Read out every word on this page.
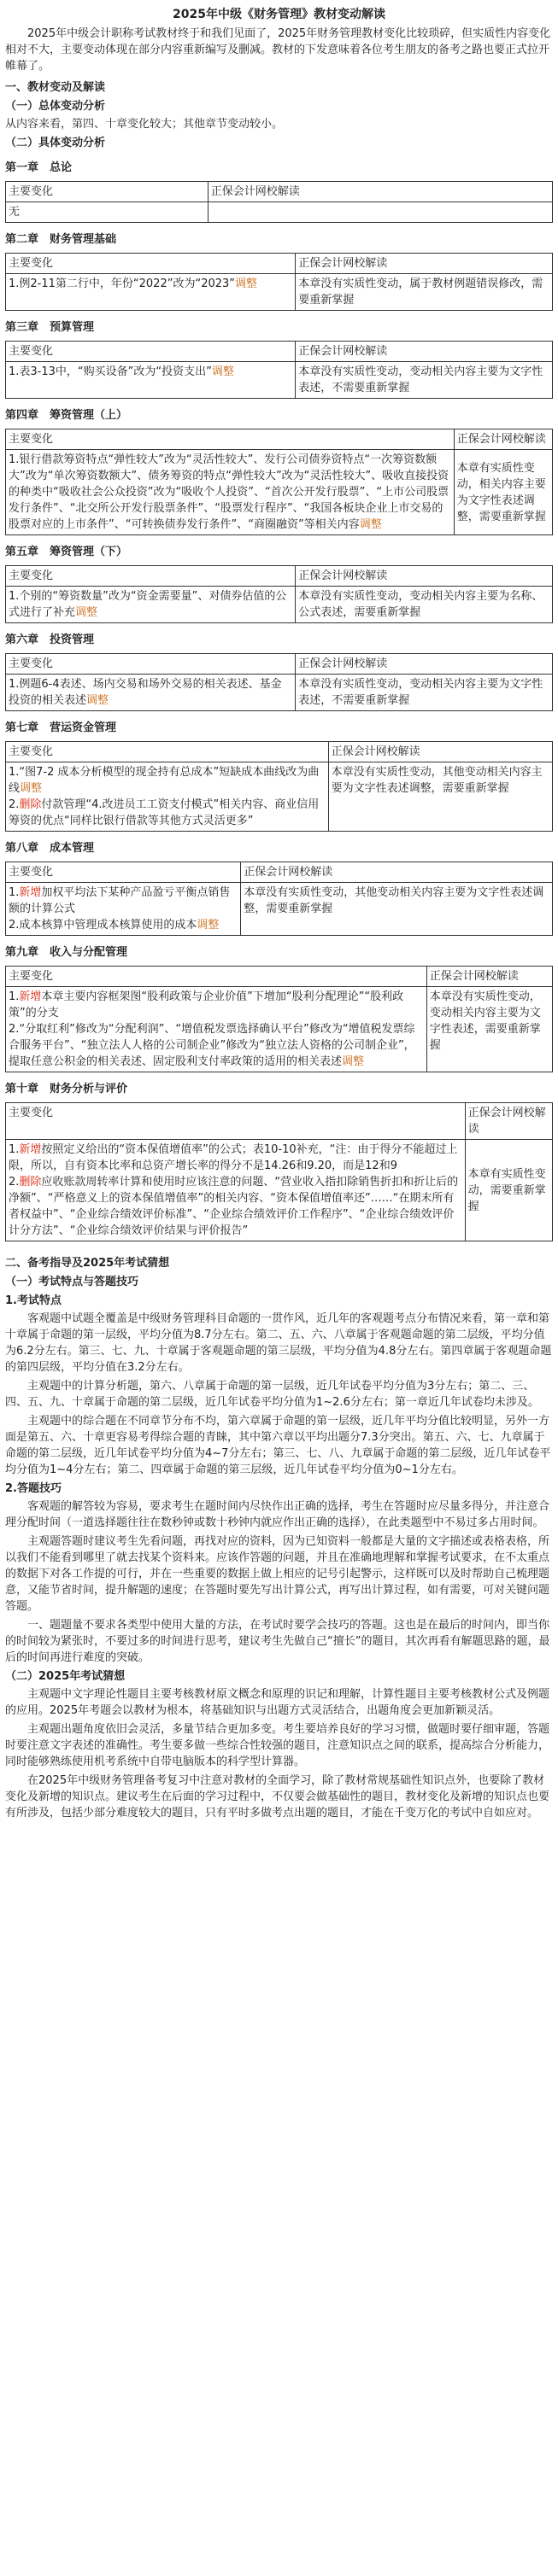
2025年中级《财务管理》教材变动解读

2025年中级会计职称考试教材终于和我们见面了，2025年财务管理教材变化比较琐碎，但实质性内容变化相对不大，主要变动体现在部分内容重新编写及删减。教材的下发意味着各位考生朋友的备考之路也要正式拉开帷幕了。

一、教材变动及解读
（一）总体变动分析

从内容来看，第四、十章变化较大；其他章节变动较小。

（二）具体变动分析
第一章　总论
主要变化	正保会计网校解读
无	
第二章　财务管理基础
主要变化	正保会计网校解读
1.例2-11第二行中，年份“2022”改为“2023”调整	本章没有实质性变动，属于教材例题错误修改，需要重新掌握
第三章　预算管理
主要变化	正保会计网校解读
1.表3-13中，“购买设备”改为“投资支出”调整	本章没有实质性变动，变动相关内容主要为文字性表述，不需要重新掌握
第四章　筹资管理（上）
主要变化	正保会计网校解读
1.银行借款筹资特点“弹性较大”改为“灵活性较大”、发行公司债券资特点“一次筹资数额大”改为“单次筹资数额大”、债务筹资的特点“弹性较大”改为“灵活性较大”、吸收直接投资的种类中“吸收社会公众投资”改为“吸收个人投资”、“首次公开发行股票”、“上市公司股票发行条件”、“北交所公开发行股票条件”、“股票发行程序”、“我国各板块企业上市交易的股票对应的上市条件”、“可转换债券发行条件”、“商圈融资”等相关内容调整	本章有实质性变动，相关内容主要为文字性表述调整，需要重新掌握
第五章　筹资管理（下）
主要变化	正保会计网校解读
1.个别的“筹资数量”改为“资金需要量”、对债券估值的公式进行了补充调整	本章没有实质性变动，变动相关内容主要为名称、公式表述，需要重新掌握
第六章　投资管理
主要变化	正保会计网校解读
1.例题6-4表述、场内交易和场外交易的相关表述、基金投资的相关表述调整	本章没有实质性变动，变动相关内容主要为文字性表述，不需要重新掌握
第七章　营运资金管理
主要变化	正保会计网校解读

1.“图7-2 成本分析模型的现金持有总成本”短缺成本曲线改为曲线调整
2.删除付款管理“4.改进员工工资支付模式”相关内容、商业信用筹资的优点“同样比银行借款等其他方式灵活更多”	本章没有实质性变动，其他变动相关内容主要为文字性表述调整，需要重新掌握
第八章　成本管理
主要变化	正保会计网校解读

1.新增加权平均法下某种产品盈亏平衡点销售额的计算公式
2.成本核算中管理成本核算使用的成本调整	本章没有实质性变动，其他变动相关内容主要为文字性表述调整，需要重新掌握
第九章　收入与分配管理
主要变化	正保会计网校解读

1.新增本章主要内容框架图“股利政策与企业价值”下增加“股利分配理论”“股利政策”的分支
2.“分取红利”修改为“分配利润”、“增值税发票选择确认平台”修改为“增值税发票综合服务平台”、“独立法人人格的公司制企业”修改为“独立法人资格的公司制企业”，提取任意公积金的相关表述、固定股利支付率政策的适用的相关表述调整	本章没有实质性变动，变动相关内容主要为文字性表述，需要重新掌握
第十章　财务分析与评价
主要变化	正保会计网校解读

1.新增按照定义给出的“资本保值增值率”的公式；表10-10补充，“注：由于得分不能超过上限，所以，自有资本比率和总资产增长率的得分不是14.26和9.20，而是12和9
2.删除应收账款周转率计算和使用时应该注意的问题、“营业收入指扣除销售折扣和折让后的净额”、“严格意义上的资本保值增值率”的相关内容、“资本保值增值率还”……“在期末所有者权益中”、“企业综合绩效评价标准”、“企业综合绩效评价工作程序”、“企业综合绩效评价计分方法”、“企业综合绩效评价结果与评价报告”	本章有实质性变动，需要重新掌握
二、备考指导及2025年考试猜想
（一）考试特点与答题技巧
1.考试特点

客观题中试题全覆盖是中级财务管理科目命题的一贯作风，近几年的客观题考点分布情况来看，第一章和第十章属于命题的第一层级，平均分值为8.7分左右。第二、五、六、八章属于客观题命题的第二层级，平均分值为6.2分左右。第三、七、九、十章属于客观题命题的第三层级，平均分值为4.8分左右。第四章属于客观题命题的第四层级，平均分值在3.2分左右。

主观题中的计算分析题，第六、八章属于命题的第一层级，近几年试卷平均分值为3分左右；第二、三、四、五、九、十章属于命题的第二层级，近几年试卷平均分值为1~2.6分左右；第一章近几年试卷均未涉及。

主观题中的综合题在不同章节分布不均，第六章属于命题的第一层级，近几年平均分值比较明显，另外一方面是第五、六、十章更容易考得综合题的青睐，其中第六章以平均出题分7.3分突出。第五、六、七、九章属于命题的第二层级，近几年试卷平均分值为4~7分左右；第三、七、八、九章属于命题的第二层级，近几年试卷平均分值为1~4分左右；第二、四章属于命题的第三层级，近几年试卷平均分值为0~1分左右。

2.答题技巧

客观题的解答较为容易，要求考生在题时间内尽快作出正确的选择，考生在答题时应尽量多得分，并注意合理分配时间（一道选择题往往在数秒钟或数十秒钟内就应作出正确的选择），在此类题型中不易过多占用时间。

主观题答题时建议考生先看问题，再找对应的资料，因为已知资料一般都是大量的文字描述或表格表格，所以我们不能看到哪里了就去找某个资料来。应该作答题的问题，并且在准确地理解和掌握考试要求，在不太重点的数据下对各工作提的可行，并在一些重要的数据上做上相应的记号引起警示，这样既可以及时帮助自己梳理题意，又能节省时间，提升解题的速度；在答题时要先写出计算公式，再写出计算过程，如有需要，可对关键问题答题。

一、题题量不要求各类型中使用大量的方法，在考试时要学会技巧的答题。这也是在最后的时间内，即当你的时间较为紧张时，不要过多的时间进行思考，建议考生先做自己“擅长”的题目，其次再看有解题思路的题，最后的时间再进行难度的突破。

（二）2025年考试猜想

主观题中文字理论性题目主要考核教材原文概念和原理的识记和理解，计算性题目主要考核教材公式及例题的应用。2025年考题会以教材为根本，将基础知识与出题方式灵活结合，出题角度会更加新颖灵活。

主观题出题角度依旧会灵活，多量节结合更加多变。考生要培养良好的学习习惯，做题时要仔细审题，答题时要注意文字表述的准确性。考生要多做一些综合性较强的题目，注意知识点之间的联系，提高综合分析能力，同时能够熟练使用机考系统中自带电脑版本的科学型计算器。

在2025年中级财务管理备考复习中注意对教材的全面学习，除了教材常规基础性知识点外，也要除了教材变化及新增的知识点。建议考生在后面的学习过程中，不仅要会做基础性的题目，教材变化及新增的知识点也要有所涉及，包括少部分难度较大的题目，只有平时多做考点出题的题目，才能在千变万化的考试中自如应对。
